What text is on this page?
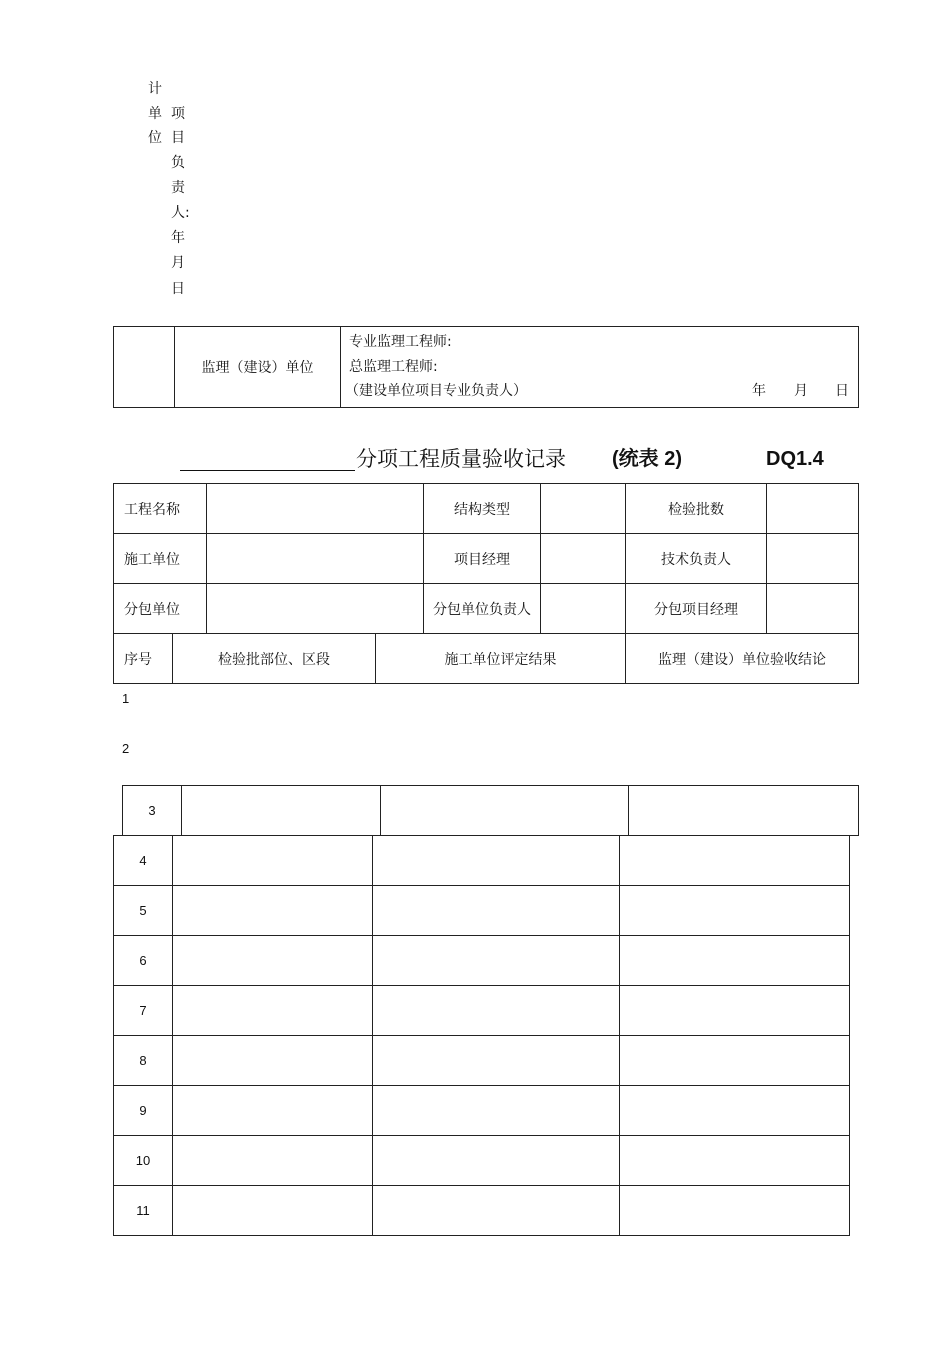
计
单
位
项
目
负
责
人:
年
月
日
	监理（建设）单位	
专业监理工程师:
总监理工程师:
（建设单位项目专业负责人）	年 月 日
分项工程质量验收记录 (统表 2)	DQ1.4
工程名称		结构类型		检验批数	
施工单位		项目经理		技术负责人	
分包单位		分包单位负责人		分包项目经理	
序号	检验批部位、区段	施工单位评定结果	监理（建设）单位验收结论
1
2
3			
4			
5			
6			
7			
8			
9			
10			
11			
